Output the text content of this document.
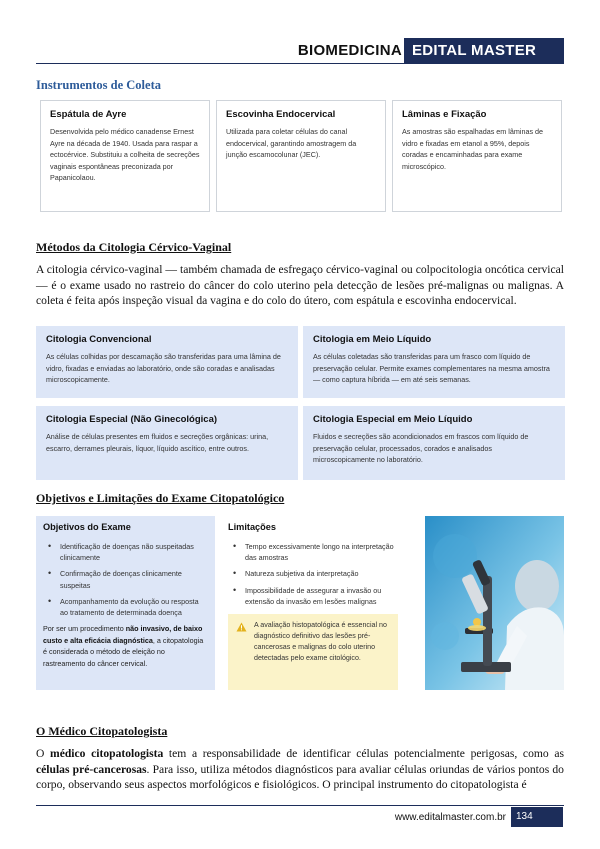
BIOMEDICINA EDITAL MASTER
Instrumentos de Coleta
Espátula de Ayre

Desenvolvida pelo médico canadense Ernest Ayre na década de 1940. Usada para raspar a ectocérvice. Substituiu a colheita de secreções vaginais espontâneas preconizada por Papanicolaou.

Escovinha Endocervical

Utilizada para coletar células do canal endocervical, garantindo amostragem da junção escamocolunar (JEC).

Lâminas e Fixação

As amostras são espalhadas em lâminas de vidro e fixadas em etanol a 95%, depois coradas e encaminhadas para exame microscópico.

Métodos da Citologia Cérvico-Vaginal
A citologia cérvico-vaginal — também chamada de esfregaço cérvico-vaginal ou colpocitologia oncótica cervical — é o exame usado no rastreio do câncer do colo uterino pela detecção de lesões pré-malignas ou malignas. A coleta é feita após inspeção visual da vagina e do colo do útero, com espátula e escovinha endocervical.
Citologia Convencional

As células colhidas por descamação são transferidas para uma lâmina de vidro, fixadas e enviadas ao laboratório, onde são coradas e analisadas microscopicamente.

Citologia em Meio Líquido

As células coletadas são transferidas para um frasco com líquido de preservação celular. Permite exames complementares na mesma amostra — como captura híbrida — em até seis semanas.

Citologia Especial (Não Ginecológica)

Análise de células presentes em fluidos e secreções orgânicas: urina, escarro, derrames pleurais, líquor, líquido ascítico, entre outros.

Citologia Especial em Meio Líquido

Fluidos e secreções são acondicionados em frascos com líquido de preservação celular, processados, corados e analisados microscopicamente no laboratório.

Objetivos e Limitações do Exame Citopatológico
Objetivos do Exame
• Identificação de doenças não suspeitadas clinicamente
• Confirmação de doenças clinicamente suspeitas
• Acompanhamento da evolução ou resposta ao tratamento de determinada doença

Por ser um procedimento não invasivo, de baixo custo e alta eficácia diagnóstica, a citopatologia é considerada o método de eleição no rastreamento do câncer cervical.

Limitações
• Tempo excessivamente longo na interpretação das amostras
• Natureza subjetiva da interpretação
• Impossibilidade de assegurar a invasão ou extensão da invasão em lesões malignas

A avaliação histopatológica é essencial no diagnóstico definitivo das lesões pré-cancerosas e malignas do colo uterino detectadas pelo exame citológico.

O Médico Citopatologista

O médico citopatologista tem a responsabilidade de identificar células potencialmente perigosas, como as células pré-cancerosas. Para isso, utiliza métodos diagnósticos para avaliar células oriundas de vários pontos do corpo, observando seus aspectos morfológicos e fisiológicos. O principal instrumento do citopatologista é

www.editalmaster.com.br	134
